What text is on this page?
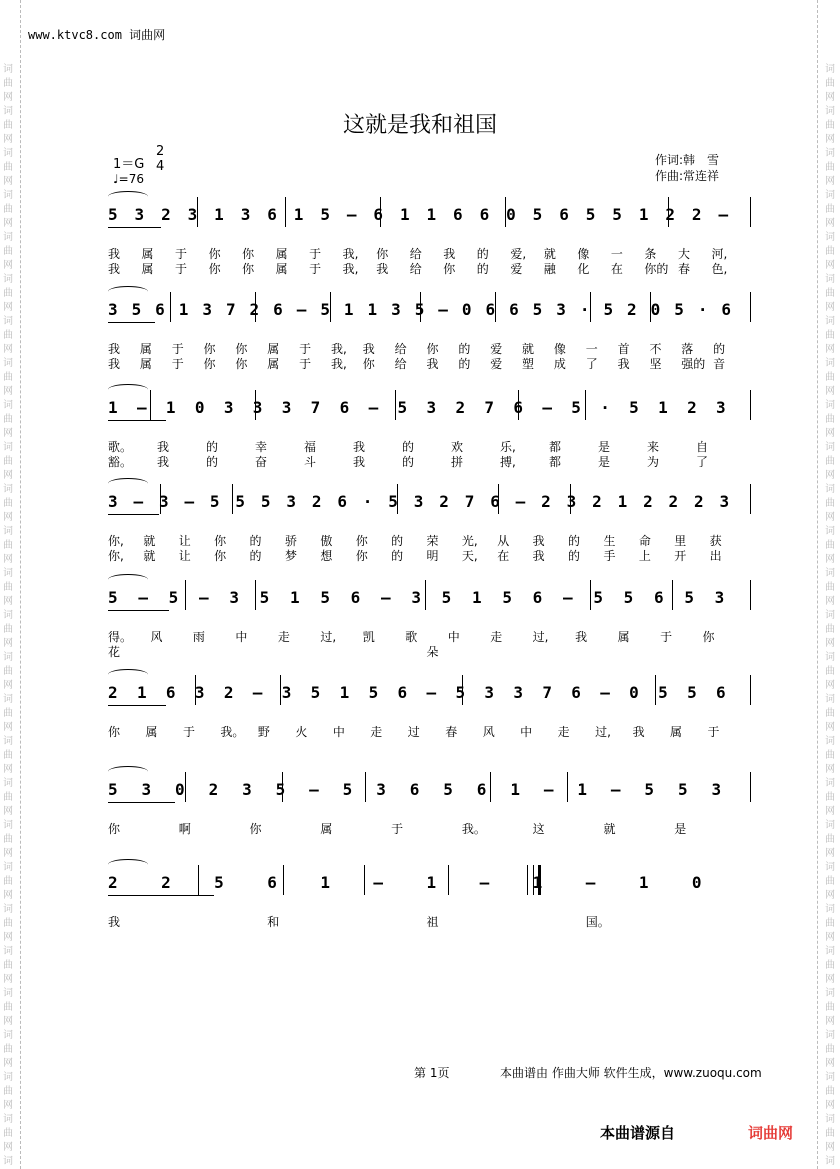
词
曲
网
词
曲
网
词
曲
网
词
曲
网
词
曲
网
词
曲
网
词
曲
网
词
曲
网
词
曲
网
词
曲
网
词
曲
网
词
曲
网
词
曲
网
词
曲
网
词
曲
网
词
曲
网
词
曲
网
词
曲
网
词
曲
网
词
曲
网
词
曲
网
词
曲
网
词
曲
网
词
曲
网
词
曲
网
词
曲
网
词
词
曲
网
词
曲
网
词
曲
网
词
曲
网
词
曲
网
词
曲
网
词
曲
网
词
曲
网
词
曲
网
词
曲
网
词
曲
网
词
曲
网
词
曲
网
词
曲
网
词
曲
网
词
曲
网
词
曲
网
词
曲
网
词
曲
网
词
曲
网
词
曲
网
词
曲
网
词
曲
网
词
曲
网
词
曲
网
词
曲
网
词
www.ktvc8.com 词曲网
这就是我和祖国
1＝G
2
4
♩=76
作词:韩　雪
作曲:常连祥
5 3 2 3 1 3 6 1 5 – 6 1 1 6 6 0 5 6 5 5 1 2 2 –
我 属 于 你 你 属 于 我, 你 给 我 的 爱, 就 像 一 条 大 河,
我 属 于 你 你 属 于 我, 我 给 你 的 爱 融 化 在 你的 春 色,
3 5 6 1 3 7 2 6 – 5 1 1 3 5 – 0 6 6 5 3 · 5 2 0 5 · 6
我 属 于 你 你 属 于 我, 我 给 你 的 爱 就 像 一 首 不 落 的
我 属 于 你 你 属 于 我, 你 给 我 的 爱 塑 成 了 我 坚 强的 音
1 – 1 0 3 3 3 7 6 – 5 3 2 7 6 – 5 · 5 1 2 3
歌。 我	的	幸	福	我	的	欢	乐,	都	是	来	自
豁。 我	的	奋	斗	我	的	拼	搏,	都	是	为	了
3 – 3 – 5 5 5 3 2 6 · 5 3 2 7 6 – 2 3 2 1 2 2 2 3
你, 就 让 你 的 骄 傲 你 的 荣 光, 从 我 的 生 命 里 获
你, 就 让 你 的 梦 想 你 的 明 天, 在 我 的 手 上 开 出
5 – 5 – 3 5 1 5 6 – 3 5 1 5 6 – 5 5 6 5 3
得。 风	雨	中	走	过, 凯	歌	中	走	过, 我	属	于	你
花	朵
2 1 6 3 2 – 3 5 1 5 6 – 5 3 3 7 6 – 0 5 5 6
你 属 于 我。 野 火 中 走 过 春 风 中 走 过, 我 属 于
5 3 0 2 3 5 – 5 3 6 5 6 1 – 1 – 5 5 3
你	啊	你	属	于	我。	这	就	是
2	2	5	6	1	–	1	–	1	–	1	0
我	和	祖	国。
第 1页	本曲谱由 作曲大师 软件生成，www.zuoqu.com
本曲谱源自	词曲网
